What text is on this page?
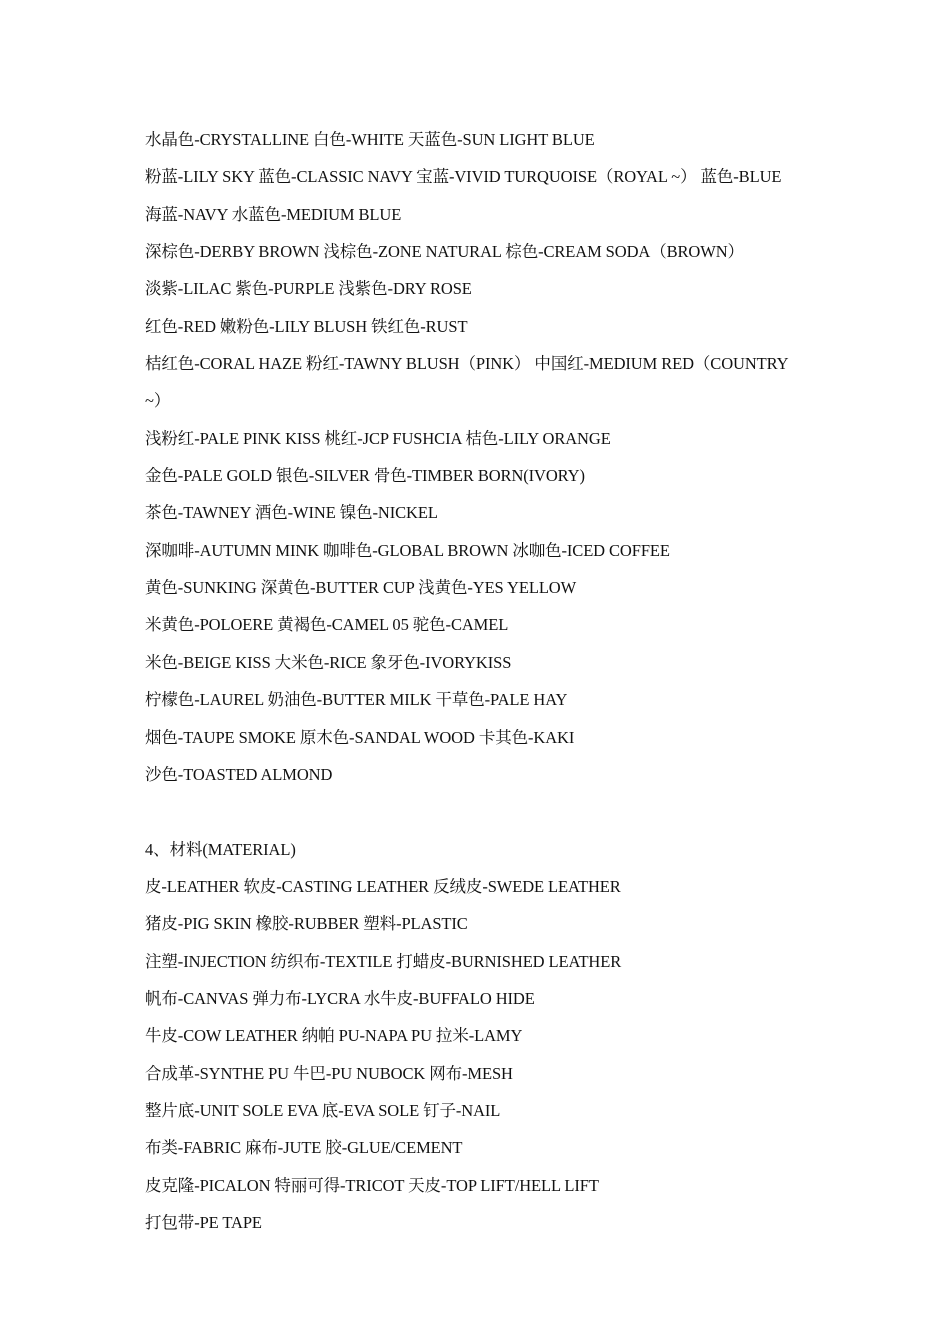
水晶色-CRYSTALLINE 白色-WHITE 天蓝色-SUN LIGHT BLUE
粉蓝-LILY SKY 蓝色-CLASSIC NAVY 宝蓝-VIVID TURQUOISE（ROYAL ~） 蓝色-BLUE
海蓝-NAVY 水蓝色-MEDIUM BLUE
深棕色-DERBY BROWN 浅棕色-ZONE NATURAL 棕色-CREAM SODA（BROWN）
淡紫-LILAC 紫色-PURPLE 浅紫色-DRY ROSE
红色-RED 嫩粉色-LILY BLUSH 铁红色-RUST
桔红色-CORAL HAZE 粉红-TAWNY BLUSH（PINK） 中国红-MEDIUM RED（COUNTRY
~）
浅粉红-PALE PINK KISS 桃红-JCP FUSHCIA 桔色-LILY ORANGE
金色-PALE GOLD 银色-SILVER 骨色-TIMBER BORN(IVORY)
茶色-TAWNEY 酒色-WINE 镍色-NICKEL
深咖啡-AUTUMN MINK 咖啡色-GLOBAL BROWN 冰咖色-ICED COFFEE
黄色-SUNKING 深黄色-BUTTER CUP 浅黄色-YES YELLOW
米黄色-POLOERE 黄褐色-CAMEL 05 驼色-CAMEL
米色-BEIGE KISS 大米色-RICE 象牙色-IVORYKISS
柠檬色-LAUREL 奶油色-BUTTER MILK 干草色-PALE HAY
烟色-TAUPE SMOKE 原木色-SANDAL WOOD 卡其色-KAKI
沙色-TOASTED ALMOND
4、材料(MATERIAL)
皮-LEATHER 软皮-CASTING LEATHER 反绒皮-SWEDE LEATHER
猪皮-PIG SKIN 橡胶-RUBBER 塑料-PLASTIC
注塑-INJECTION 纺织布-TEXTILE 打蜡皮-BURNISHED LEATHER
帆布-CANVAS 弹力布-LYCRA 水牛皮-BUFFALO HIDE
牛皮-COW LEATHER 纳帕 PU-NAPA PU 拉米-LAMY
合成革-SYNTHE PU 牛巴-PU NUBOCK 网布-MESH
整片底-UNIT SOLE EVA 底-EVA SOLE 钉子-NAIL
布类-FABRIC 麻布-JUTE 胶-GLUE/CEMENT
皮克隆-PICALON 特丽可得-TRICOT 天皮-TOP LIFT/HELL LIFT
打包带-PE TAPE
